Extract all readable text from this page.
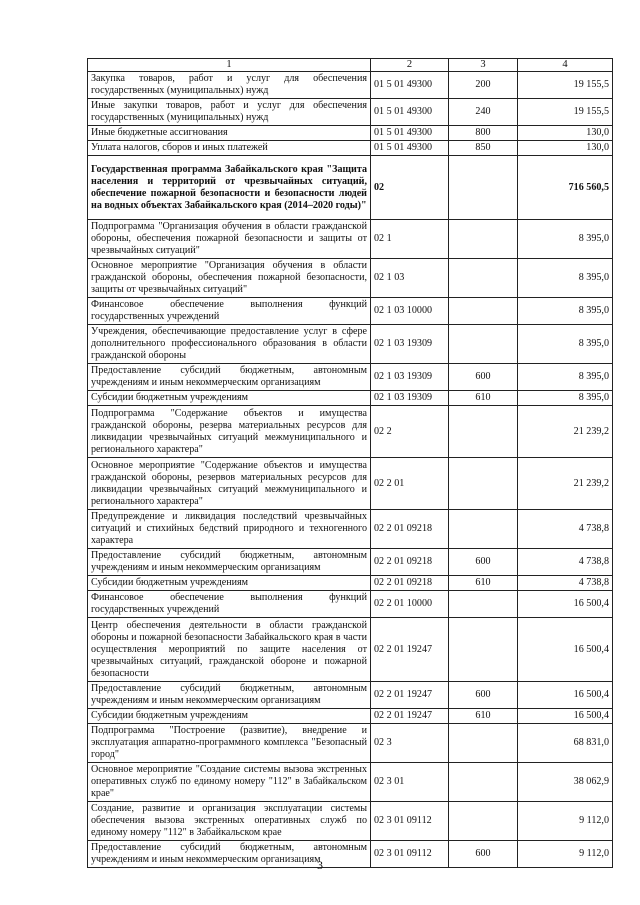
1	2	3	4
Закупка товаров, работ и услуг для обеспечения государственных (муниципальных) нужд	01 5 01 49300	200	19 155,5
Иные закупки товаров, работ и услуг для обеспечения государственных (муниципальных) нужд	01 5 01 49300	240	19 155,5
Иные бюджетные ассигнования	01 5 01 49300	800	130,0
Уплата налогов, сборов и иных платежей	01 5 01 49300	850	130,0
Государственная программа Забайкальского края "Защита населения и территорий от чрезвычайных ситуаций, обеспечение пожарной безопасности и безопасности людей на водных объектах Забайкальского края (2014–2020 годы)"	02		716 560,5
Подпрограмма "Организация обучения в области гражданской обороны, обеспечения пожарной безопасности и защиты от чрезвычайных ситуаций"	02 1		8 395,0
Основное мероприятие "Организация обучения в области гражданской обороны, обеспечения пожарной безопасности, защиты от чрезвычайных ситуаций"	02 1 03		8 395,0
Финансовое обеспечение выполнения функций государственных учреждений	02 1 03 10000		8 395,0
Учреждения, обеспечивающие предоставление услуг в сфере дополнительного профессионального образования в области гражданской обороны	02 1 03 19309		8 395,0
Предоставление субсидий бюджетным, автономным учреждениям и иным некоммерческим организациям	02 1 03 19309	600	8 395,0
Субсидии бюджетным учреждениям	02 1 03 19309	610	8 395,0
Подпрограмма "Содержание объектов и имущества гражданской обороны, резерва материальных ресурсов для ликвидации чрезвычайных ситуаций межмуниципального и регионального характера"	02 2		21 239,2
Основное мероприятие "Содержание объектов и имущества гражданской обороны, резервов материальных ресурсов для ликвидации чрезвычайных ситуаций межмуниципального и регионального характера"	02 2 01		21 239,2
Предупреждение и ликвидация последствий чрезвычайных ситуаций и стихийных бедствий природного и техногенного характера	02 2 01 09218		4 738,8
Предоставление субсидий бюджетным, автономным учреждениям и иным некоммерческим организациям	02 2 01 09218	600	4 738,8
Субсидии бюджетным учреждениям	02 2 01 09218	610	4 738,8
Финансовое обеспечение выполнения функций государственных учреждений	02 2 01 10000		16 500,4
Центр обеспечения деятельности в области гражданской обороны и пожарной безопасности Забайкальского края в части осуществления мероприятий по защите населения от чрезвычайных ситуаций, гражданской обороне и пожарной безопасности	02 2 01 19247		16 500,4
Предоставление субсидий бюджетным, автономным учреждениям и иным некоммерческим организациям	02 2 01 19247	600	16 500,4
Субсидии бюджетным учреждениям	02 2 01 19247	610	16 500,4
Подпрограмма "Построение (развитие), внедрение и эксплуатация аппаратно-программного комплекса "Безопасный город"	02 3		68 831,0
Основное мероприятие "Создание системы вызова экстренных оперативных служб по единому номеру "112" в Забайкальском крае"	02 3 01		38 062,9
Создание, развитие и организация эксплуатации системы обеспечения вызова экстренных оперативных служб по единому номеру "112" в Забайкальском крае	02 3 01 09112		9 112,0
Предоставление субсидий бюджетным, автономным учреждениям и иным некоммерческим организациям	02 3 01 09112	600	9 112,0
3
